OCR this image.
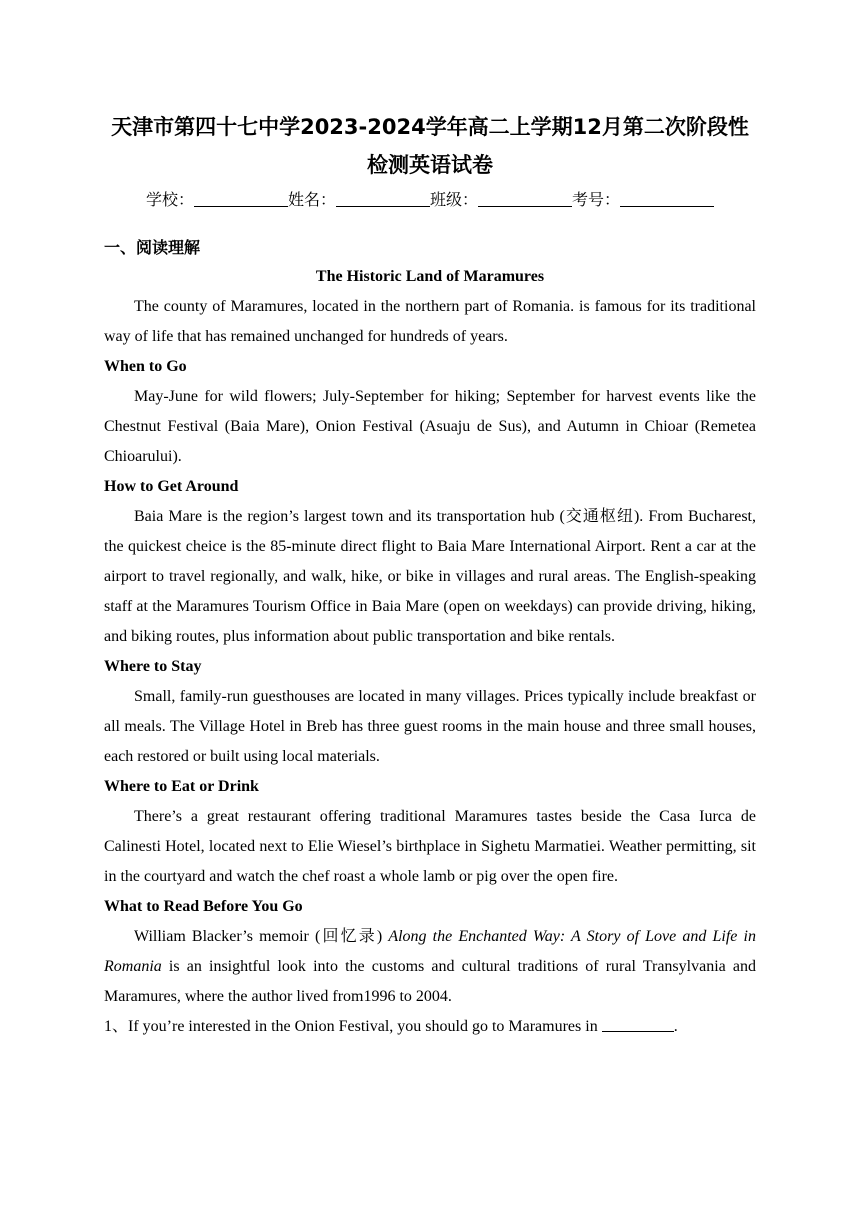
天津市第四十七中学2023-2024学年高二上学期12月第二次阶段性
检测英语试卷
学校：	姓名：	班级：	考号：
一、阅读理解
The Historic Land of Maramures

The county of Maramures, located in the northern part of Romania. is famous for its traditional way of life that has remained unchanged for hundreds of years.

When to Go

May-June for wild flowers; July-September for hiking; September for harvest events like the Chestnut Festival (Baia Mare), Onion Festival (Asuaju de Sus), and Autumn in Chioar (Remetea Chioarului).

How to Get Around

Baia Mare is the region’s largest town and its transportation hub (交通枢纽). From Bucharest, the quickest cheice is the 85-minute direct flight to Baia Mare International Airport. Rent a car at the airport to travel regionally, and walk, hike, or bike in villages and rural areas. The English-speaking staff at the Maramures Tourism Office in Baia Mare (open on weekdays) can provide driving, hiking, and biking routes, plus information about public transportation and bike rentals.

Where to Stay

Small, family-run guesthouses are located in many villages. Prices typically include breakfast or all meals. The Village Hotel in Breb has three guest rooms in the main house and three small houses, each restored or built using local materials.

Where to Eat or Drink

There’s a great restaurant offering traditional Maramures tastes beside the Casa Iurca de Calinesti Hotel, located next to Elie Wiesel’s birthplace in Sighetu Marmatiei. Weather permitting, sit in the courtyard and watch the chef roast a whole lamb or pig over the open fire.

What to Read Before You Go

William Blacker’s memoir (回忆录) Along the Enchanted Way: A Story of Love and Life in Romania is an insightful look into the customs and cultural traditions of rural Transylvania and Maramures, where the author lived from1996 to 2004.

1、If you’re interested in the Onion Festival, you should go to Maramures in	.
